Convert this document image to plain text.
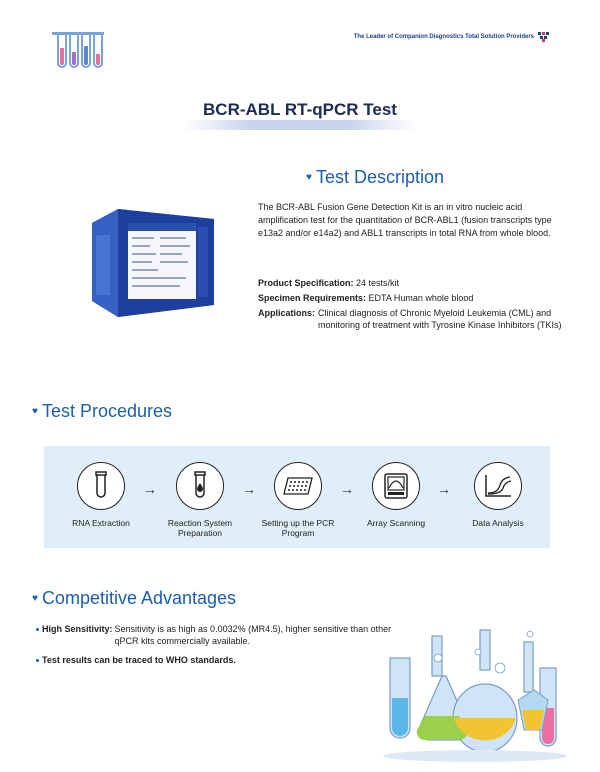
The Leader of Companion Diagnostics Total Solution Providers
BCR-ABL RT-qPCR Test
♥ Test Description
The BCR-ABL Fusion Gene Detection Kit is an in vitro nucleic acid amplification test for the quantitation of BCR-ABL1 (fusion transcripts type e13a2 and/or e14a2) and ABL1 transcripts in total RNA from whole blood.
Product Specification: 24 tests/kit
Specimen Requirements: EDTA Human whole blood
Applications: Clinical diagnosis of Chronic Myeloid Leukemia (CML) and monitoring of treatment with Tyrosine Kinase Inhibitors (TKIs)
♥ Test Procedures
RNA Extraction
→
Reaction System Preparation
→
Setting up the PCR Program
→
Array Scanning
→
Data Analysis
♥ Competitive Advantages
High Sensitivity: Sensitivity is as high as 0.0032% (MR4.5), higher sensitive than other qPCR kits commercially available.
Test results can be traced to WHO standards.
